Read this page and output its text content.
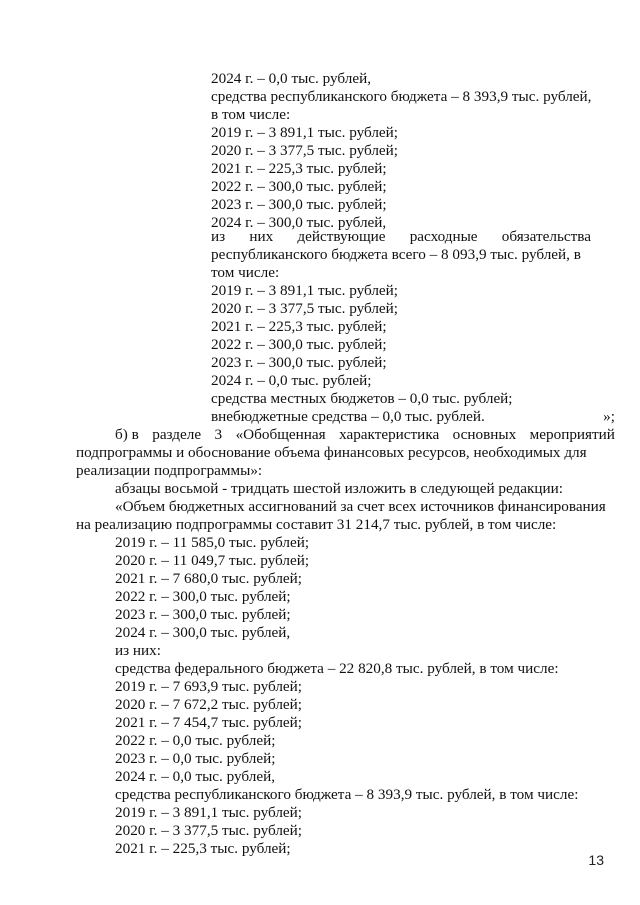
2024 г. – 0,0 тыс. рублей,
средства республиканского бюджета – 8 393,9 тыс. рублей,
в том числе:
2019 г. – 3 891,1 тыс. рублей;
2020 г. – 3 377,5 тыс. рублей;
2021 г. – 225,3 тыс. рублей;
2022 г. – 300,0 тыс. рублей;
2023 г. – 300,0 тыс. рублей;
2024 г. – 300,0 тыс. рублей,
из них действующие расходные обязательства
республиканского бюджета всего – 8 093,9 тыс. рублей, в
том числе:
2019 г. – 3 891,1 тыс. рублей;
2020 г. – 3 377,5 тыс. рублей;
2021 г. – 225,3 тыс. рублей;
2022 г. – 300,0 тыс. рублей;
2023 г. – 300,0 тыс. рублей;
2024 г. – 0,0 тыс. рублей;
средства местных бюджетов – 0,0 тыс. рублей;
внебюджетные средства – 0,0 тыс. рублей.	»;
б) в разделе 3 «Обобщенная характеристика основных мероприятий
подпрограммы и обоснование объема финансовых ресурсов, необходимых для
реализации подпрограммы»:
абзацы восьмой - тридцать шестой изложить в следующей редакции:
«Объем бюджетных ассигнований за счет всех источников финансирования
на реализацию подпрограммы составит 31 214,7 тыс. рублей, в том числе:
2019 г. – 11 585,0 тыс. рублей;
2020 г. – 11 049,7 тыс. рублей;
2021 г. – 7 680,0 тыс. рублей;
2022 г. – 300,0 тыс. рублей;
2023 г. – 300,0 тыс. рублей;
2024 г. – 300,0 тыс. рублей,
из них:
средства федерального бюджета – 22 820,8 тыс. рублей, в том числе:
2019 г. – 7 693,9 тыс. рублей;
2020 г. – 7 672,2 тыс. рублей;
2021 г. – 7 454,7 тыс. рублей;
2022 г. – 0,0 тыс. рублей;
2023 г. – 0,0 тыс. рублей;
2024 г. – 0,0 тыс. рублей,
средства республиканского бюджета – 8 393,9 тыс. рублей, в том числе:
2019 г. – 3 891,1 тыс. рублей;
2020 г. – 3 377,5 тыс. рублей;
2021 г. – 225,3 тыс. рублей;
13
